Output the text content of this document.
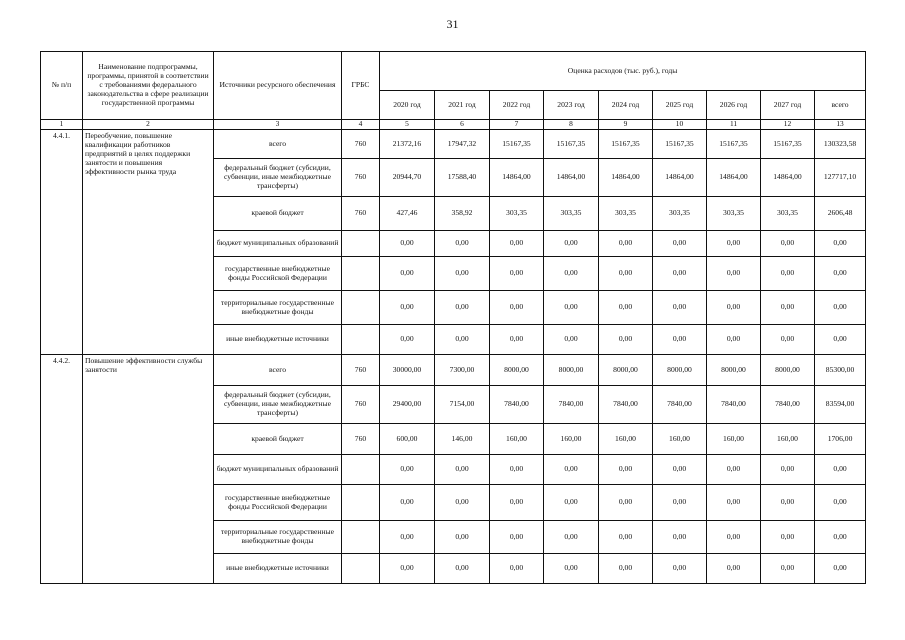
31
№ п/п	Наименование подпрограммы, программы, принятой в соответствии с требованиями федерального законодательства в сфере реализации государственной программы	Источники ресурсного обеспечения	ГРБС	Оценка расходов (тыс. руб.), годы								
				2020 год	2021 год	2022 год	2023 год	2024 год	2025 год	2026 год	2027 год	всего
1	2	3	4	5	6	7	8	9	10	11	12	13
4.4.1.	Переобучение, повышение квалификации работников предприятий в целях поддержки занятости и повышения эффективности рынка труда	всего	760	21372,16	17947,32	15167,35	15167,35	15167,35	15167,35	15167,35	15167,35	130323,58
		федеральный бюджет (субсидии, субвенции, иные межбюджетные трансферты)	760	20944,70	17588,40	14864,00	14864,00	14864,00	14864,00	14864,00	14864,00	127717,10
		краевой бюджет	760	427,46	358,92	303,35	303,35	303,35	303,35	303,35	303,35	2606,48
		бюджет муниципальных образований		0,00	0,00	0,00	0,00	0,00	0,00	0,00	0,00	0,00
		государственные внебюджетные фонды Российской Федерации		0,00	0,00	0,00	0,00	0,00	0,00	0,00	0,00	0,00
		территориальные государственные внебюджетные фонды		0,00	0,00	0,00	0,00	0,00	0,00	0,00	0,00	0,00
		иные внебюджетные источники		0,00	0,00	0,00	0,00	0,00	0,00	0,00	0,00	0,00
4.4.2.	Повышение эффективности службы занятости	всего	760	30000,00	7300,00	8000,00	8000,00	8000,00	8000,00	8000,00	8000,00	85300,00
		федеральный бюджет (субсидии, субвенции, иные межбюджетные трансферты)	760	29400,00	7154,00	7840,00	7840,00	7840,00	7840,00	7840,00	7840,00	83594,00
		краевой бюджет	760	600,00	146,00	160,00	160,00	160,00	160,00	160,00	160,00	1706,00
		бюджет муниципальных образований		0,00	0,00	0,00	0,00	0,00	0,00	0,00	0,00	0,00
		государственные внебюджетные фонды Российской Федерации		0,00	0,00	0,00	0,00	0,00	0,00	0,00	0,00	0,00
		территориальные государственные внебюджетные фонды		0,00	0,00	0,00	0,00	0,00	0,00	0,00	0,00	0,00
		иные внебюджетные источники		0,00	0,00	0,00	0,00	0,00	0,00	0,00	0,00	0,00
